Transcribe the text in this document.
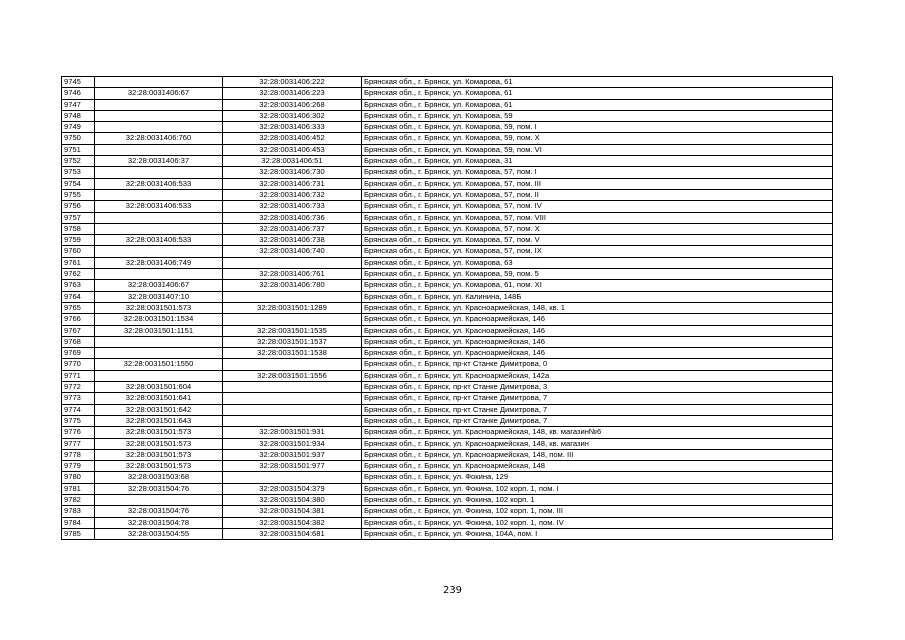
9745		32:28:0031406:222	Брянская обл., г. Брянск, ул. Комарова, 61
9746	32:28:0031406:67	32:28:0031406:223	Брянская обл., г. Брянск, ул. Комарова, 61
9747		32:28:0031406:268	Брянская обл., г. Брянск, ул. Комарова, 61
9748		32:28:0031406:302	Брянская обл., г. Брянск, ул. Комарова, 59
9749		32:28:0031406:333	Брянская обл., г. Брянск, ул. Комарова, 59, пом. I
9750	32:28:0031406:760	32:28:0031406:452	Брянская обл., г. Брянск, ул. Комарова, 59, пом. X
9751		32:28:0031406:453	Брянская обл., г. Брянск, ул. Комарова, 59, пом. VI
9752	32:28:0031406:37	32:28:0031406:51	Брянская обл., г. Брянск, ул. Комарова, 31
9753		32:28:0031406:730	Брянская обл., г. Брянск, ул. Комарова, 57, пом. I
9754	32:28:0031406:533	32:28:0031406:731	Брянская обл., г. Брянск, ул. Комарова, 57, пом. III
9755		32:28:0031406:732	Брянская обл., г. Брянск, ул. Комарова, 57, пом. II
9756	32:28:0031406:533	32:28:0031406:733	Брянская обл., г. Брянск, ул. Комарова, 57, пом. IV
9757		32:28:0031406:736	Брянская обл., г. Брянск, ул. Комарова, 57, пом. VIII
9758		32:28:0031406:737	Брянская обл., г. Брянск, ул. Комарова, 57, пом. X
9759	32:28:0031406:533	32:28:0031406:738	Брянская обл., г. Брянск, ул. Комарова, 57, пом. V
9760		32:28:0031406:740	Брянская обл., г. Брянск, ул. Комарова, 57, пом. IX
9761	32:28:0031406:749		Брянская обл., г. Брянск, ул. Комарова, 63
9762		32:28:0031406:761	Брянская обл., г. Брянск, ул. Комарова, 59, пом. 5
9763	32:28:0031406:67	32:28:0031406:780	Брянская обл., г. Брянск, ул. Комарова, 61, пом. XI
9764	32:28:0031407:10		Брянская обл., г. Брянск, ул. Калинина, 148Б
9765	32:28:0031501:573	32:28:0031501:1289	Брянская обл., г. Брянск, ул. Красноармейская, 148, кв. 1
9766	32:28:0031501:1534		Брянская обл., г. Брянск, ул. Красноармейская, 146
9767	32:28:0031501:1151	32:28:0031501:1535	Брянская обл., г. Брянск, ул. Красноармейская, 146
9768		32:28:0031501:1537	Брянская обл., г. Брянск, ул. Красноармейская, 146
9769		32:28:0031501:1538	Брянская обл., г. Брянск, ул. Красноармейская, 146
9770	32:28:0031501:1550		Брянская обл., г. Брянск, пр-кт Станке Димитрова, 0
9771		32:28:0031501:1556	Брянская обл., г. Брянск, ул. Красноармейская, 142а
9772	32:28:0031501:604		Брянская обл., г. Брянск, пр-кт Станке Димитрова, 3
9773	32:28:0031501:641		Брянская обл., г. Брянск, пр-кт Станке Димитрова, 7
9774	32:28:0031501:642		Брянская обл., г. Брянск, пр-кт Станке Димитрова, 7
9775	32:28:0031501:643		Брянская обл., г. Брянск, пр-кт Станке Димитрова, 7
9776	32:28:0031501:573	32:28:0031501:931	Брянская обл., г. Брянск, ул. Красноармейская, 148, кв. магазин№6
9777	32:28:0031501:573	32:28:0031501:934	Брянская обл., г. Брянск, ул. Красноармейская, 148, кв. магазин
9778	32:28:0031501:573	32:28:0031501:937	Брянская обл., г. Брянск, ул. Красноармейская, 148, пом. III
9779	32:28:0031501:573	32:28:0031501:977	Брянская обл., г. Брянск, ул. Красноармейская, 148
9780	32:28:0031503:68		Брянская обл., г. Брянск, ул. Фокина, 129
9781	32:28:0031504:76	32:28:0031504:379	Брянская обл., г. Брянск, ул. Фокина, 102 корп. 1, пом. I
9782		32:28:0031504:380	Брянская обл., г. Брянск, ул. Фокина, 102 корп. 1
9783	32:28:0031504:76	32:28:0031504:381	Брянская обл., г. Брянск, ул. Фокина, 102 корп. 1, пом. III
9784	32:28:0031504:78	32:28:0031504:382	Брянская обл., г. Брянск, ул. Фокина, 102 корп. 1, пом. IV
9785	32:28:0031504:55	32:28:0031504:681	Брянская обл., г. Брянск, ул. Фокина, 104А, пом. I
239
